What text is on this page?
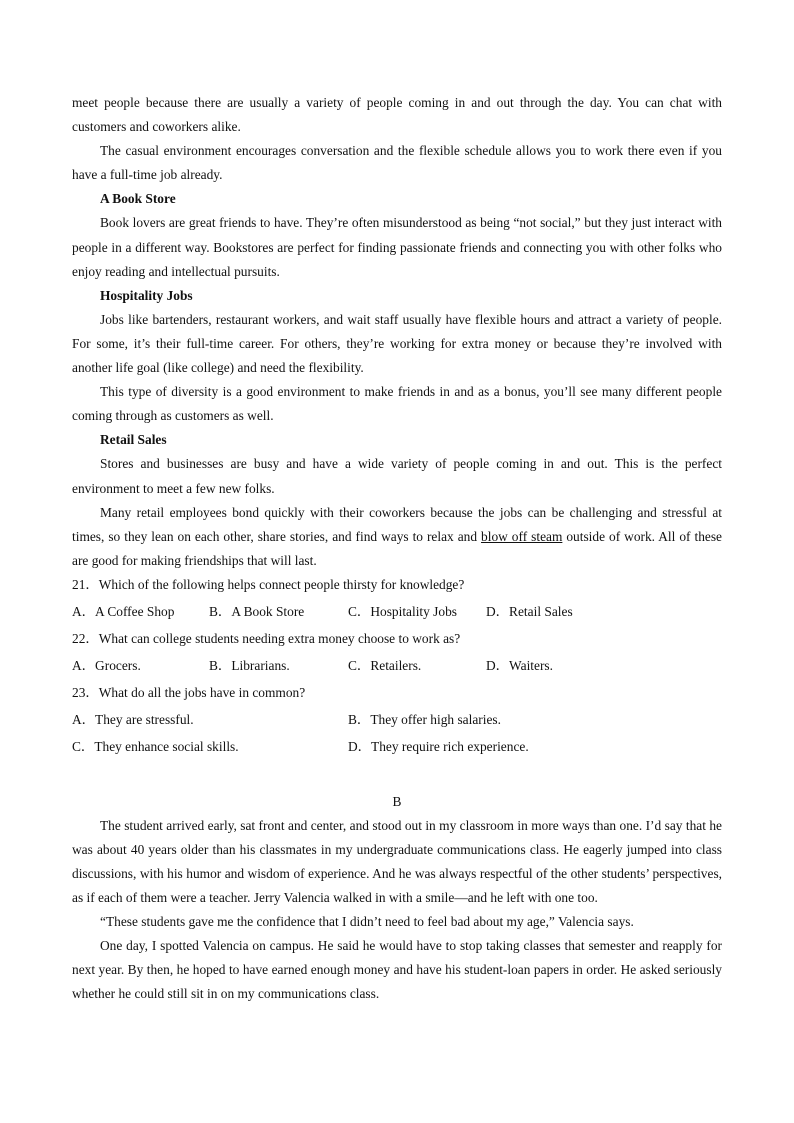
meet people because there are usually a variety of people coming in and out through the day. You can chat with customers and coworkers alike.

The casual environment encourages conversation and the flexible schedule allows you to work there even if you have a full-time job already.

A Book Store

Book lovers are great friends to have. They’re often misunderstood as being “not social,” but they just interact with people in a different way. Bookstores are perfect for finding passionate friends and connecting you with other folks who enjoy reading and intellectual pursuits.

Hospitality Jobs

Jobs like bartenders, restaurant workers, and wait staff usually have flexible hours and attract a variety of people. For some, it’s their full-time career. For others, they’re working for extra money or because they’re involved with another life goal (like college) and need the flexibility.

This type of diversity is a good environment to make friends in and as a bonus, you’ll see many different people coming through as customers as well.

Retail Sales

Stores and businesses are busy and have a wide variety of people coming in and out. This is the perfect environment to meet a few new folks.

Many retail employees bond quickly with their coworkers because the jobs can be challenging and stressful at times, so they lean on each other, share stories, and find ways to relax and blow off steam outside of work. All of these are good for making friendships that will last.

21．Which of the following helps connect people thirsty for knowledge?

A．A Coffee Shop	B．A Book Store	C．Hospitality Jobs	D．Retail Sales

22．What can college students needing extra money choose to work as?

A．Grocers.	B．Librarians.	C．Retailers.	D．Waiters.

23．What do all the jobs have in common?

A．They are stressful.	B．They offer high salaries.
C．They enhance social skills.	D．They require rich experience.

B

The student arrived early, sat front and center, and stood out in my classroom in more ways than one. I’d say that he was about 40 years older than his classmates in my undergraduate communications class. He eagerly jumped into class discussions, with his humor and wisdom of experience. And he was always respectful of the other students’ perspectives, as if each of them were a teacher. Jerry Valencia walked in with a smile—and he left with one too.

“These students gave me the confidence that I didn’t need to feel bad about my age,” Valencia says.

One day, I spotted Valencia on campus. He said he would have to stop taking classes that semester and reapply for next year. By then, he hoped to have earned enough money and have his student-loan papers in order. He asked seriously whether he could still sit in on my communications class.
